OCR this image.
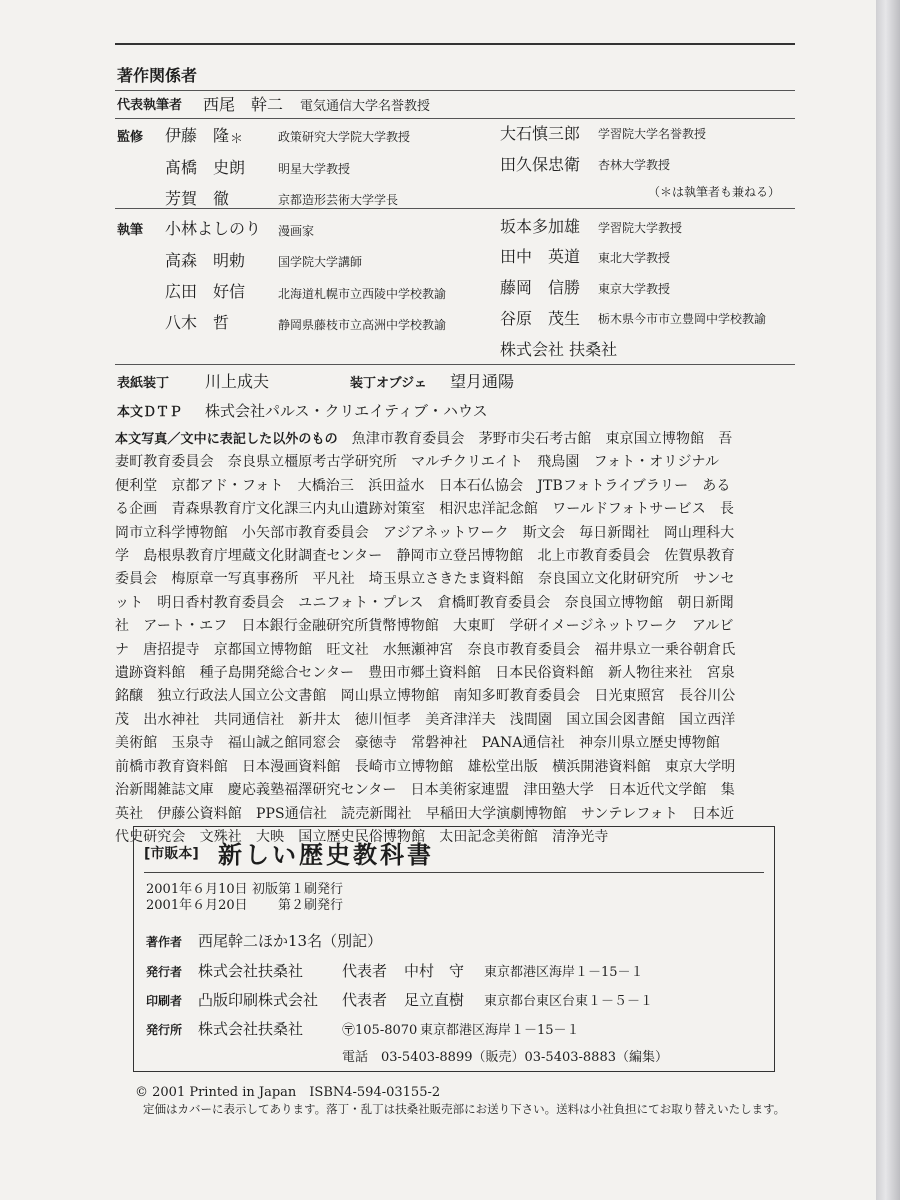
著作関係者
代表執筆者 西尾　幹二 電気通信大学名誉教授
監修 伊藤　隆 ＊	政策研究大学院大学教授
髙橋　史朗	明星大学教授
芳賀　徹	京都造形芸術大学学長
大石慎三郎 学習院大学名誉教授
田久保忠衛 杏林大学教授
（＊は執筆者も兼ねる）
執筆 小林よしのり 漫画家
高森　明勅	国学院大学講師
広田　好信	北海道札幌市立西陵中学校教諭
八木　哲	静岡県藤枝市立高洲中学校教諭
坂本多加雄 学習院大学教授
田中　英道 東北大学教授
藤岡　信勝 東京大学教授
谷原　茂生 栃木県今市市立豊岡中学校教諭
株式会社 扶桑社
表紙装丁 川上成夫	装丁オブジェ 望月通陽
本文ＤＴＰ 株式会社パルス・クリエイティブ・ハウス
本文写真／文中に表記した以外のもの 魚津市教育委員会　茅野市尖石考古館　東京国立博物館　吾
妻町教育委員会　奈良県立橿原考古学研究所　マルチクリエイト　飛鳥園　フォト・オリジナル
便利堂　京都アド・フォト　大橋治三　浜田益水　日本石仏協会　JTBフォトライブラリー　ある
る企画　青森県教育庁文化課三内丸山遺跡対策室　相沢忠洋記念館　ワールドフォトサービス　長
岡市立科学博物館　小矢部市教育委員会　アジアネットワーク　斯文会　毎日新聞社　岡山理科大
学　島根県教育庁埋蔵文化財調査センター　静岡市立登呂博物館　北上市教育委員会　佐賀県教育
委員会　梅原章一写真事務所　平凡社　埼玉県立さきたま資料館　奈良国立文化財研究所　サンセ
ット　明日香村教育委員会　ユニフォト・プレス　倉橋町教育委員会　奈良国立博物館　朝日新聞
社　アート・エフ　日本銀行金融研究所貨幣博物館　大東町　学研イメージネットワーク　アルビ
ナ　唐招提寺　京都国立博物館　旺文社　水無瀬神宮　奈良市教育委員会　福井県立一乗谷朝倉氏
遺跡資料館　種子島開発総合センター　豊田市郷土資料館　日本民俗資料館　新人物往来社　宮泉
銘醸　独立行政法人国立公文書館　岡山県立博物館　南知多町教育委員会　日光東照宮　長谷川公
茂　出水神社　共同通信社　新井太　徳川恒孝　美斉津洋夫　浅間園　国立国会図書館　国立西洋
美術館　玉泉寺　福山誠之館同窓会　豪徳寺　常磐神社　PANA通信社　神奈川県立歴史博物館
前橋市教育資料館　日本漫画資料館　長崎市立博物館　雄松堂出版　横浜開港資料館　東京大学明
治新聞雑誌文庫　慶応義塾福澤研究センター　日本美術家連盟　津田塾大学　日本近代文学館　集
英社　伊藤公資料館　PPS通信社　読売新聞社　早稲田大学演劇博物館　サンテレフォト　日本近
代史研究会　文殊社　大映　国立歴史民俗博物館　太田記念美術館　清浄光寺
[市販本] 新しい歴史教科書
2001年６月10日 初版第１刷発行
2001年６月20日 第２刷発行
著作者 西尾幹二ほか13名（別記）
発行者 株式会社扶桑社	代表者 中村　守 東京都港区海岸１－15－１
印刷者 凸版印刷株式会社 代表者 足立直樹 東京都台東区台東１－５－１
発行所 株式会社扶桑社	〶105-8070 東京都港区海岸１－15－１
電話　03-5403-8899（販売）03-5403-8883（編集）
© 2001 Printed in Japan　ISBN4-594-03155-2
定価はカバーに表示してあります。落丁・乱丁は扶桑社販売部にお送り下さい。送料は小社負担にてお取り替えいたします。
